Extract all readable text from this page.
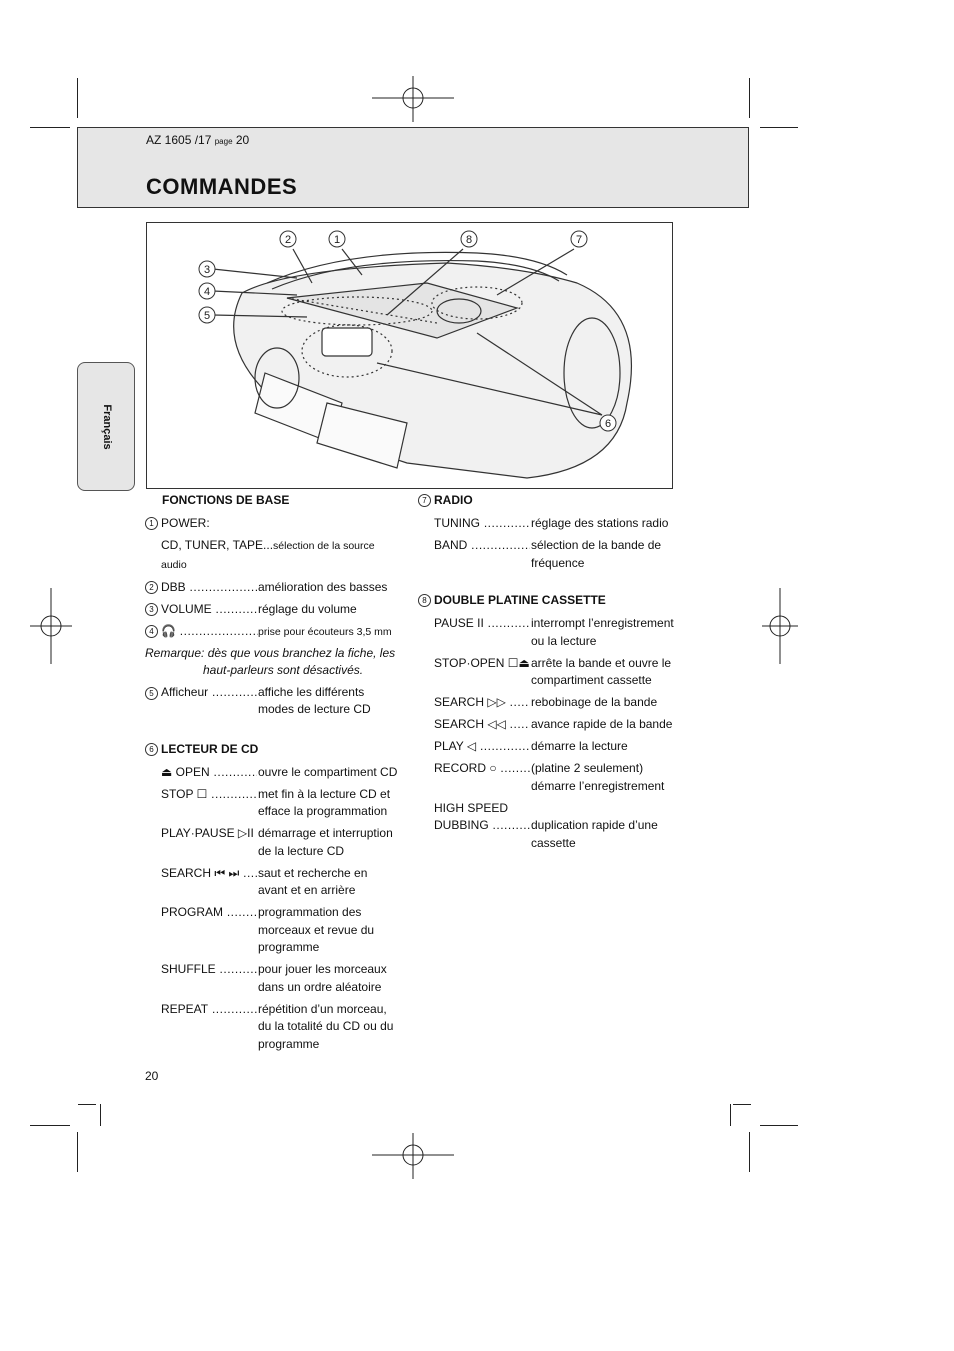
AZ 1605 /17 page 20
COMMANDES
Français
2	1	8	7
3
4
5
6
FONCTIONS DE BASE
1 POWER:
CD, TUNER, TAPE...sélection de la source audio
2 DBB .....	amélioration des basses
3 VOLUME .....	réglage du volume
4 🎧 .....	prise pour écouteurs 3,5 mm
Remarque: dès que vous branchez la fiche, les
haut-parleurs sont désactivés.
5 Afficheur .....	affiche les différents modes de lecture CD
6 LECTEUR DE CD
⏏ OPEN .....	ouvre le compartiment CD
STOP ☐ .....	met fin à la lecture CD et efface la programmation
PLAY·PAUSE ▷II ..... démarrage et interruption de la lecture CD
SEARCH ⏮ ⏭ .....	saut et recherche en avant et en arrière
PROGRAM .....	programmation des morceaux et revue du programme
SHUFFLE .....	pour jouer les morceaux dans un ordre aléatoire
REPEAT .....	répétition d’un morceau, du la totalité du CD ou du programme
7 RADIO
TUNING .....	réglage des stations radio
BAND .....	sélection de la bande de fréquence
8 DOUBLE PLATINE CASSETTE
PAUSE II .....	interrompt l’enregistrement ou la lecture
STOP·OPEN ☐⏏ ..... arrête la bande et ouvre le compartiment cassette
SEARCH ▷▷ .....	rebobinage de la bande
SEARCH ◁◁ .....	avance rapide de la bande
PLAY ◁ .....	démarre la lecture
RECORD ○ .....	(platine 2 seulement) démarre l’enregistrement
HIGH SPEED
DUBBING .....	duplication rapide d’une cassette
20
